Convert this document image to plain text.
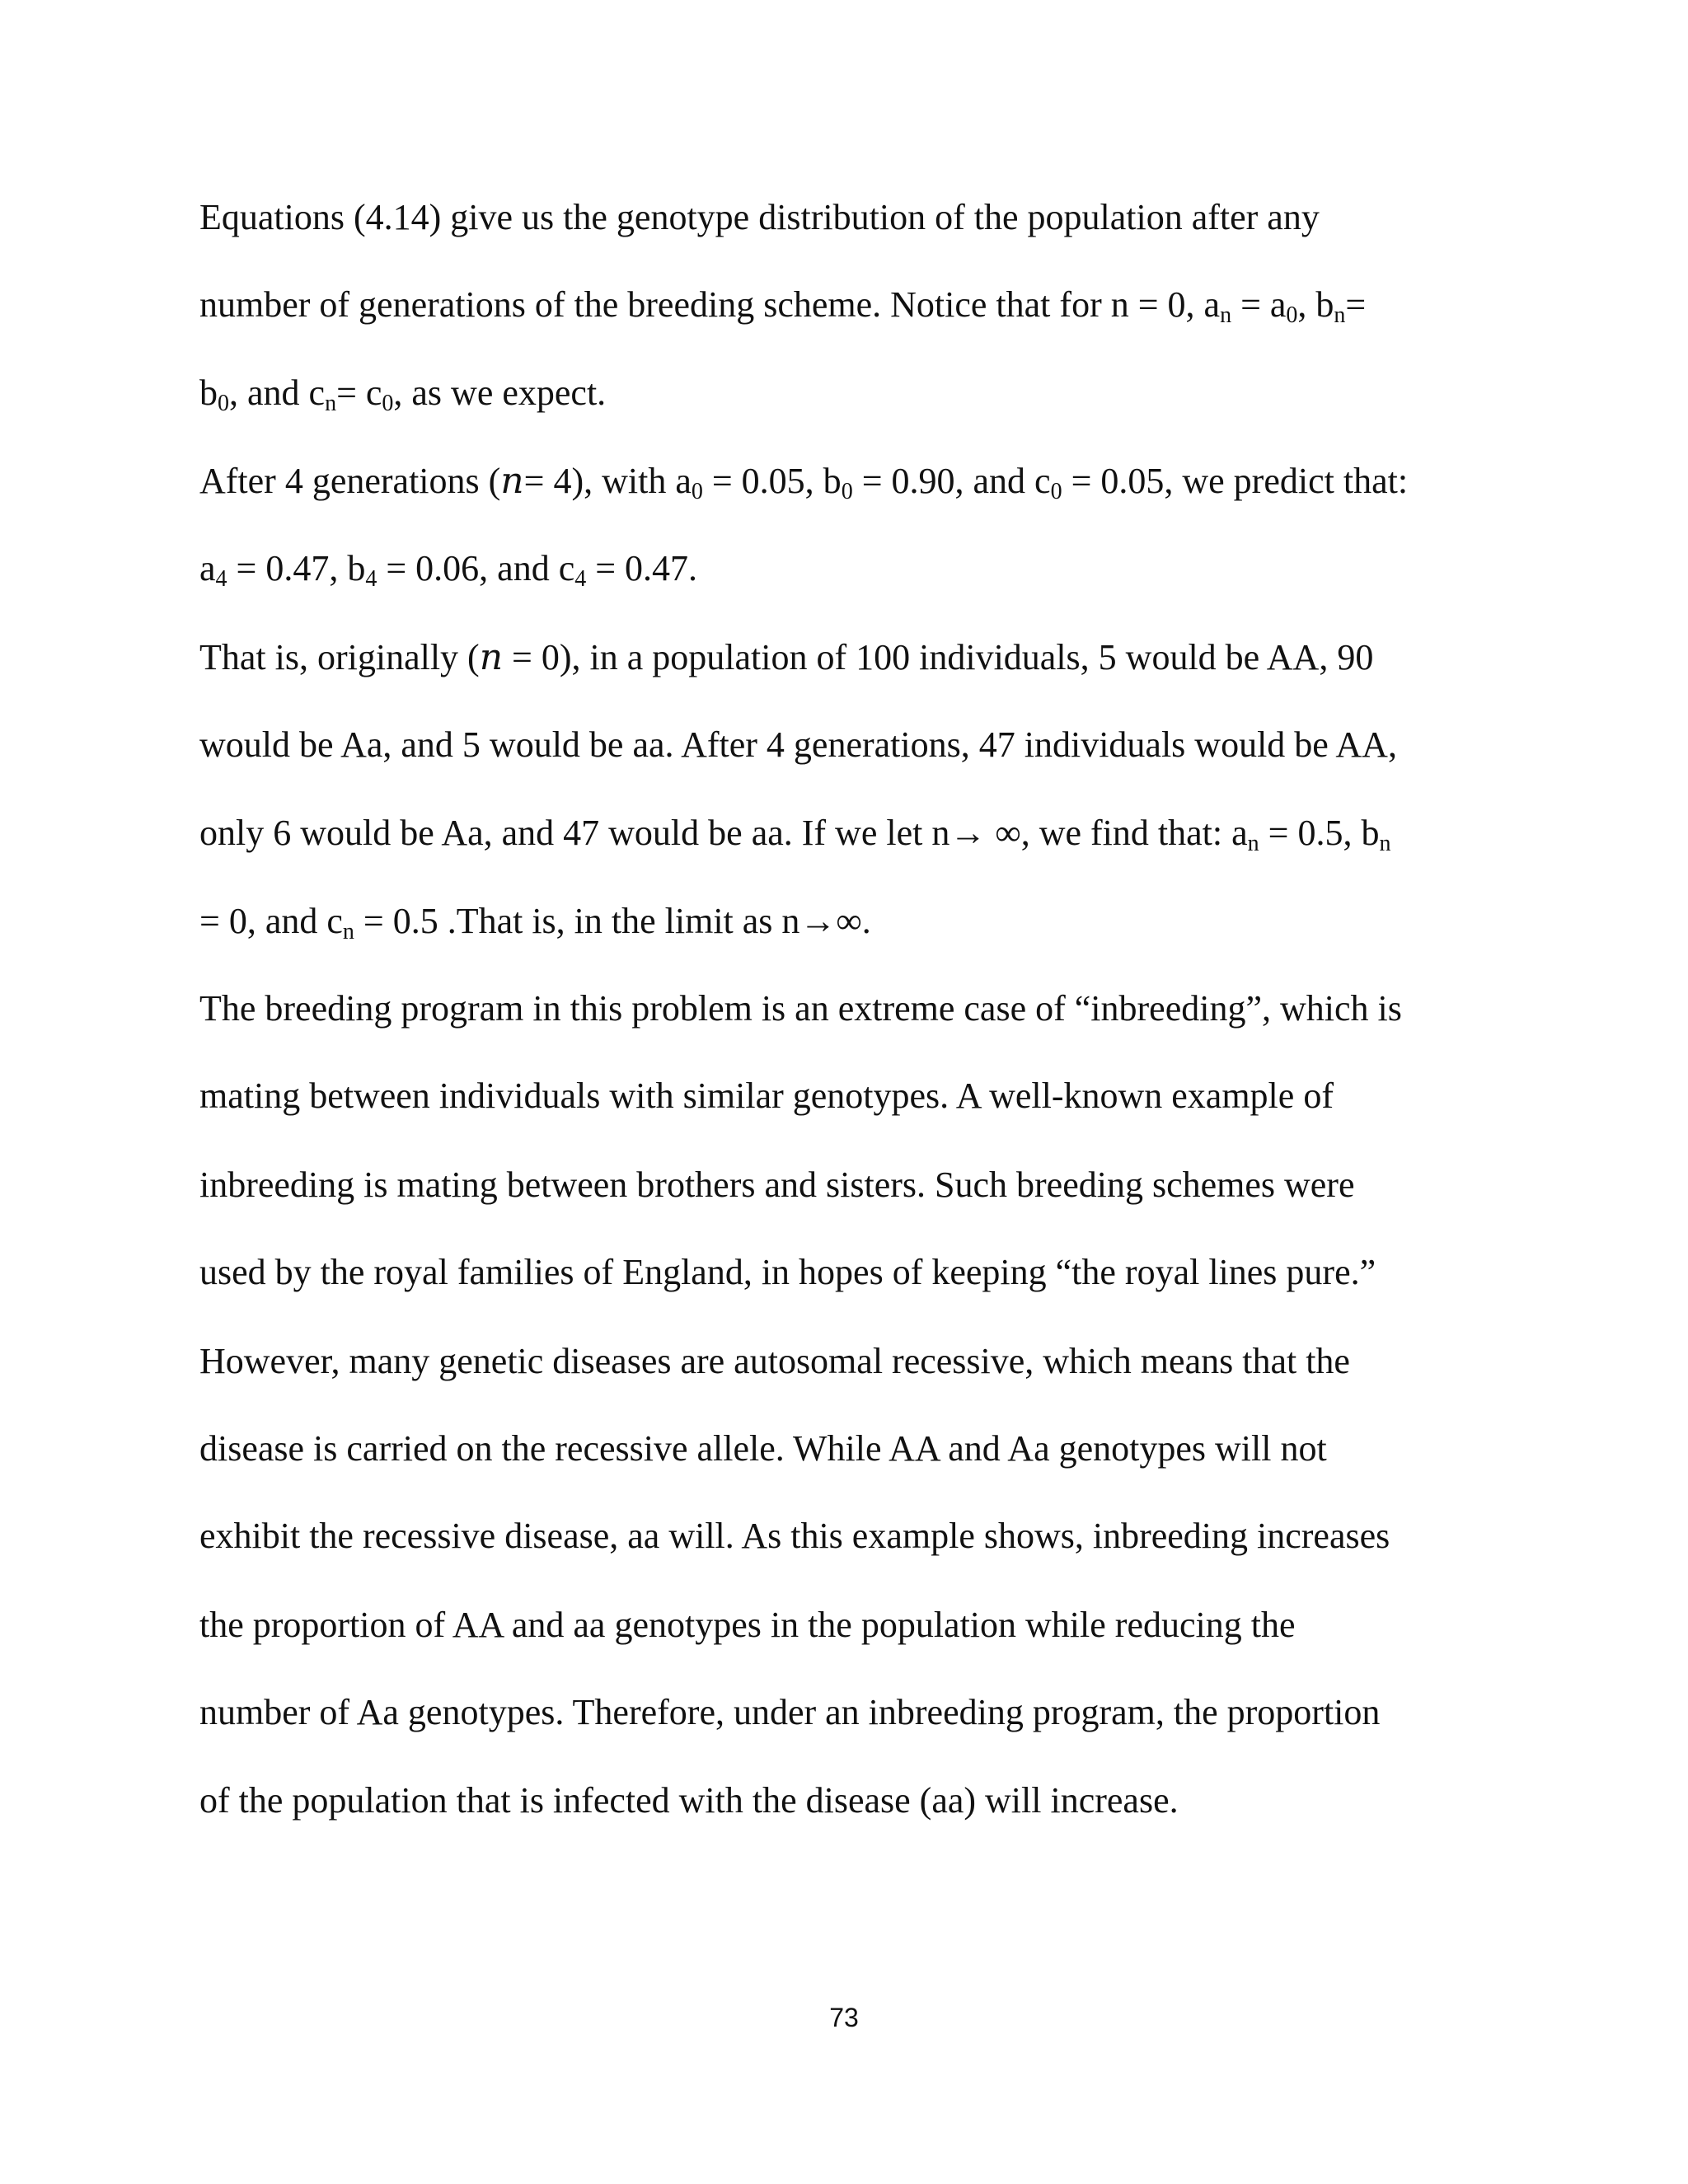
Equations (4.14) give us the genotype distribution of the population after any
number of generations of the breeding scheme. Notice that for n = 0, $a_n = a_0$, $b_n=$
$b_0$, and $c_n= c_0$, as we expect.
After 4 generations (𝑛= 4), with $a_0 = 0.05$, $b_0 = 0.90$, and $c_0 = 0.05$, we predict that:
$a_4 = 0.47$, $b_4 = 0.06$, and $c_4 = 0.47$.
That is, originally (𝑛 = 0), in a population of 100 individuals, 5 would be AA, 90
would be Aa, and 5 would be aa. After 4 generations, 47 individuals would be AA,
only 6 would be Aa, and 47 would be aa. If we let n→ ∞, we find that: $a_n = 0.5$, $b_n$
= 0, and $c_n = 0.5$ .That is, in the limit as n→∞.
The breeding program in this problem is an extreme case of “inbreeding”, which is
mating between individuals with similar genotypes. A well-known example of
inbreeding is mating between brothers and sisters. Such breeding schemes were
used by the royal families of England, in hopes of keeping “the royal lines pure.”
However, many genetic diseases are autosomal recessive, which means that the
disease is carried on the recessive allele. While AA and Aa genotypes will not
exhibit the recessive disease, aa will. As this example shows, inbreeding increases
the proportion of AA and aa genotypes in the population while reducing the
number of Aa genotypes. Therefore, under an inbreeding program, the proportion
of the population that is infected with the disease (aa) will increase.
73
